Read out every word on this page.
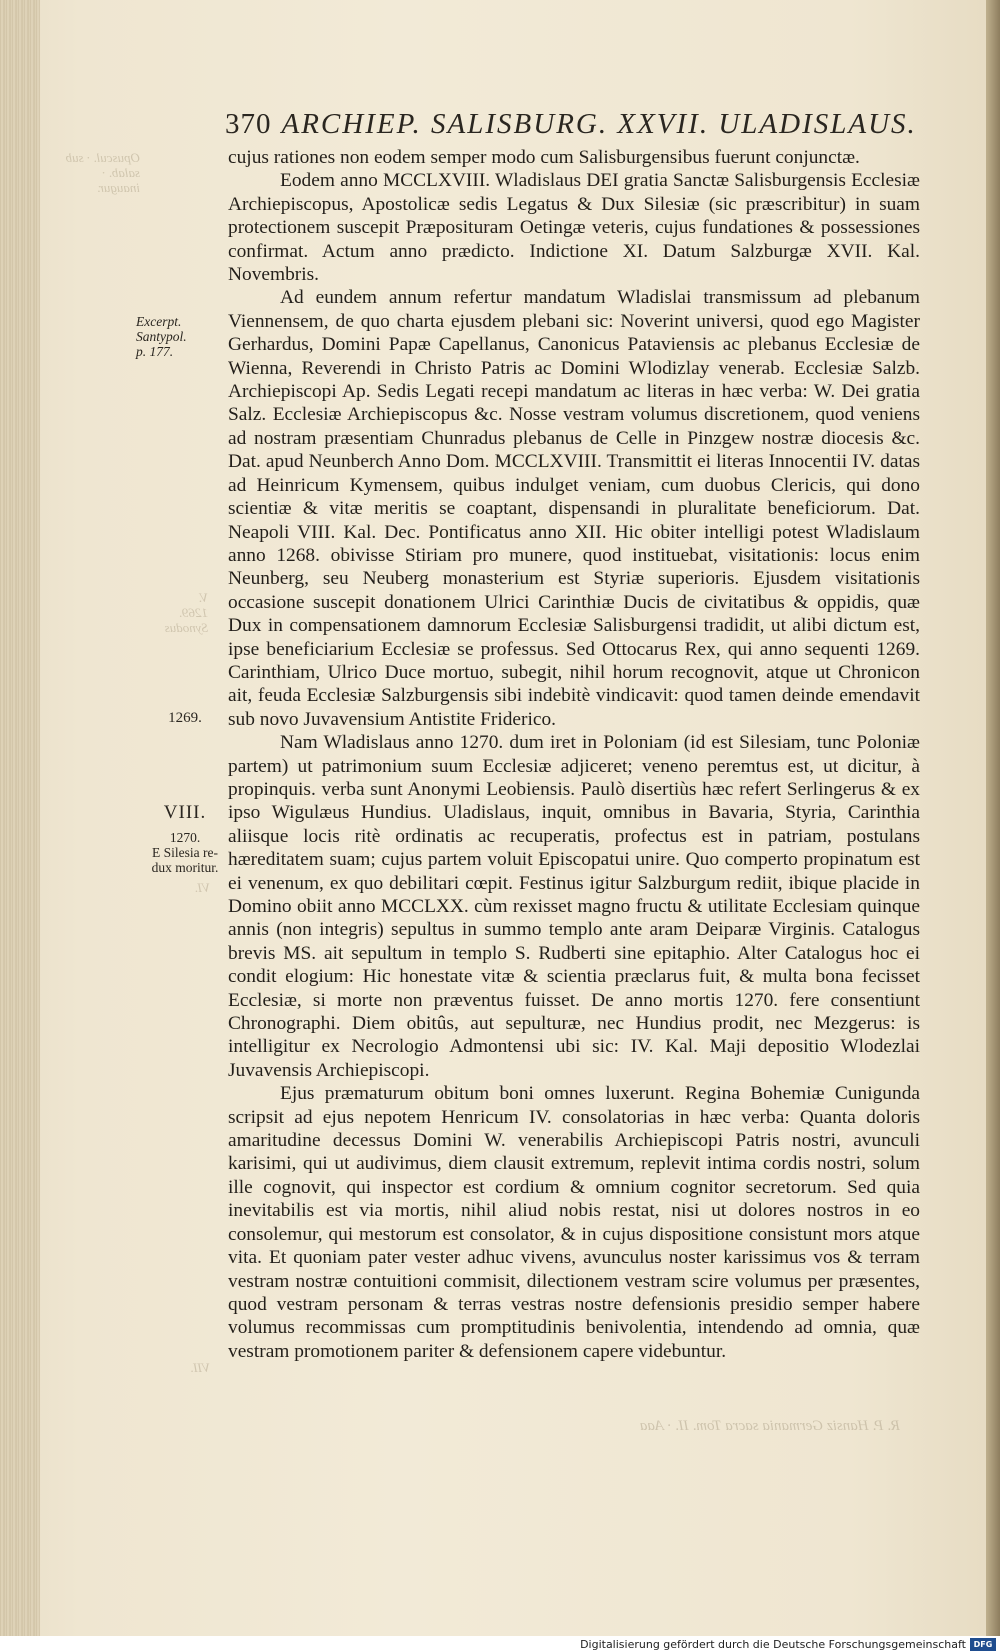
Opuscul. · sub salab. · inaugur.
V. 1269. Synodus
VI.
VII.
370 ARCHIEP. SALISBURG. XXVII. ULADISLAUS.
Excerpt.
Santypol.
p. 177.
1269.
VIII.
1270.
E Silesia re-
dux moritur.

cujus rationes non eodem semper modo cum Salisburgensibus fuerunt conjunctæ.

Eodem anno MCCLXVIII. Wladislaus DEI gratia Sanctæ Salisburgensis Ecclesiæ Archiepiscopus, Apostolicæ sedis Legatus & Dux Silesiæ (sic præscribitur) in suam protectionem suscepit Præposituram Oetingæ veteris, cujus fundationes & possessiones confirmat. Actum anno prædicto. Indictione XI. Datum Salzburgæ XVII. Kal. Novembris.

Ad eundem annum refertur mandatum Wladislai transmissum ad plebanum Viennensem, de quo charta ejusdem plebani sic: Noverint universi, quod ego Magister Gerhardus, Domini Papæ Capellanus, Canonicus Pataviensis ac plebanus Ecclesiæ de Wienna, Reverendi in Christo Patris ac Domini Wlodizlay venerab. Ecclesiæ Salzb. Archiepiscopi Ap. Sedis Legati recepi mandatum ac literas in hæc verba: W. Dei gratia Salz. Ecclesiæ Archiepiscopus &c. Nosse vestram volumus discretionem, quod veniens ad nostram præsentiam Chunradus plebanus de Celle in Pinzgew nostræ diocesis &c. Dat. apud Neunberch Anno Dom. MCCLXVIII. Transmittit ei literas Innocentii IV. datas ad Heinricum Kymensem, quibus indulget veniam, cum duobus Clericis, qui dono scientiæ & vitæ meritis se coaptant, dispensandi in pluralitate beneficiorum. Dat. Neapoli VIII. Kal. Dec. Pontificatus anno XII. Hic obiter intelligi potest Wladislaum anno 1268. obivisse Stiriam pro munere, quod instituebat, visitationis: locus enim Neunberg, seu Neuberg monasterium est Styriæ superioris. Ejusdem visitationis occasione suscepit donationem Ulrici Carinthiæ Ducis de civitatibus & oppidis, quæ Dux in compensationem damnorum Ecclesiæ Salisburgensi tradidit, ut alibi dictum est, ipse beneficiarium Ecclesiæ se professus. Sed Ottocarus Rex, qui anno sequenti 1269. Carinthiam, Ulrico Duce mortuo, subegit, nihil horum recognovit, atque ut Chronicon ait, feuda Ecclesiæ Salzburgensis sibi indebitè vindicavit: quod tamen deinde emendavit sub novo Juvavensium Antistite Friderico.

Nam Wladislaus anno 1270. dum iret in Poloniam (id est Silesiam, tunc Poloniæ partem) ut patrimonium suum Ecclesiæ adjiceret; veneno peremtus est, ut dicitur, à propinquis. verba sunt Anonymi Leobiensis. Paulò disertiùs hæc refert Serlingerus & ex ipso Wigulæus Hundius. Uladislaus, inquit, omnibus in Bavaria, Styria, Carinthia aliisque locis ritè ordinatis ac recuperatis, profectus est in patriam, postulans hæreditatem suam; cujus partem voluit Episcopatui unire. Quo comperto propinatum est ei venenum, ex quo debilitari cœpit. Festinus igitur Salzburgum rediit, ibique placide in Domino obiit anno MCCLXX. cùm rexisset magno fructu & utilitate Ecclesiam quinque annis (non integris) sepultus in summo templo ante aram Deiparæ Virginis. Catalogus brevis MS. ait sepultum in templo S. Rudberti sine epitaphio. Alter Catalogus hoc ei condit elogium: Hic honestate vitæ & scientia præclarus fuit, & multa bona fecisset Ecclesiæ, si morte non præventus fuisset. De anno mortis 1270. fere consentiunt Chronographi. Diem obitûs, aut sepulturæ, nec Hundius prodit, nec Mezgerus: is intelligitur ex Necrologio Admontensi ubi sic: IV. Kal. Maji depositio Wlodezlai Juvavensis Archiepiscopi.

Ejus præmaturum obitum boni omnes luxerunt. Regina Bohemiæ Cunigunda scripsit ad ejus nepotem Henricum IV. consolatorias in hæc verba: Quanta doloris amaritudine decessus Domini W. venerabilis Archiepiscopi Patris nostri, avunculi karisimi, qui ut audivimus, diem clausit extremum, replevit intima cordis nostri, solum ille cognovit, qui inspector est cordium & omnium cognitor secretorum. Sed quia inevitabilis est via mortis, nihil aliud nobis restat, nisi ut dolores nostros in eo consolemur, qui mestorum est consolator, & in cujus dispositione consistunt mors atque vita. Et quoniam pater vester adhuc vivens, avunculus noster karissimus vos & terram vestram nostræ contuitioni commisit, dilectionem vestram scire volumus per præsentes, quod vestram personam & terras vestras nostre defensionis presidio semper habere volumus recommissas cum promptitudinis benivolentia, intendendo ad omnia, quæ vestram promotionem pariter & defensionem capere videbuntur.

R. P. Hansiz Germania sacra Tom. II. · Aaa
Digitalisierung gefördert durch die Deutsche Forschungsgemeinschaft DFG
